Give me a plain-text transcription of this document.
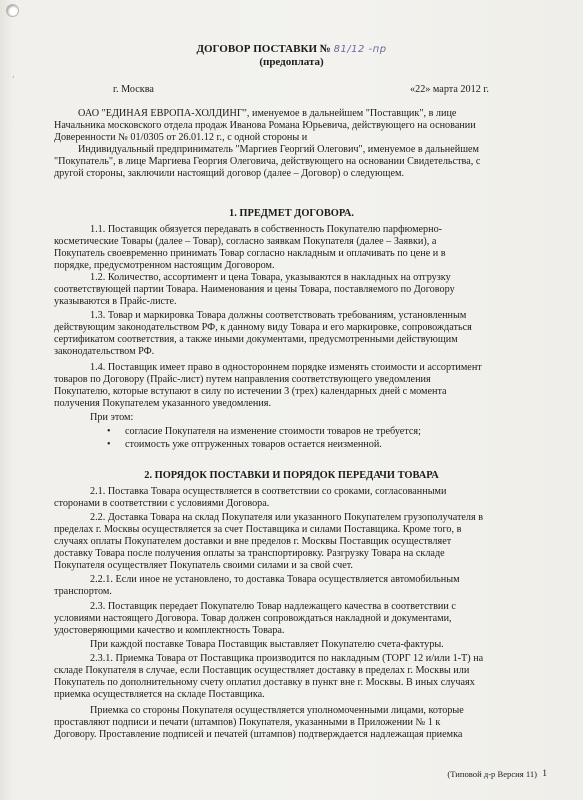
·
ДОГОВОР ПОСТАВКИ № 81/12 -пр
(предоплата)
г. Москва	«22» марта 2012 г.
ОАО "ЕДИНАЯ ЕВРОПА-ХОЛДИНГ", именуемое в дальнейшем "Поставщик", в лице
Начальника московского отдела продаж Иванова Романа Юрьевича, действующего на основании
Доверенности № 01/0305 от 26.01.12 г., с одной стороны и
Индивидуальный предприниматель "Маргиев Георгий Олегович", именуемое в дальнейшем
"Покупатель", в лице Маргиева Георгия Олеговича, действующего на основании Свидетельства, с
другой стороны, заключили настоящий договор (далее – Договор) о следующем.
1. ПРЕДМЕТ ДОГОВОРА.
1.1. Поставщик обязуется передавать в собственность Покупателю парфюмерно-
косметические Товары (далее – Товар), согласно заявкам Покупателя (далее – Заявки), а
Покупатель своевременно принимать Товар согласно накладным и оплачивать по цене и в
порядке, предусмотренном настоящим Договором.
1.2. Количество, ассортимент и цена Товара, указываются в накладных на отгрузку
соответствующей партии Товара. Наименования и цены Товара, поставляемого по Договору
указываются в Прайс-листе.
1.3. Товар и маркировка Товара должны соответствовать требованиям, установленным
действующим законодательством РФ, к данному виду Товара и его маркировке, сопровождаться
сертификатом соответствия, а также иными документами, предусмотренными действующим
законодательством РФ.
1.4. Поставщик имеет право в одностороннем порядке изменять стоимости и ассортимент
товаров по Договору (Прайс-лист) путем направления соответствующего уведомления
Покупателю, которые вступают в силу по истечении 3 (трех) календарных дней с момента
получения Покупателем указанного уведомления.
При этом:
• согласие Покупателя на изменение стоимости товаров не требуется;
• стоимость уже отгруженных товаров остается неизменной.
2. ПОРЯДОК ПОСТАВКИ И ПОРЯДОК ПЕРЕДАЧИ ТОВАРА
2.1. Поставка Товара осуществляется в соответствии со сроками, согласованными
сторонами в соответствии с условиями Договора.
2.2. Доставка Товара на склад Покупателя или указанного Покупателем грузополучателя в
пределах г. Москвы осуществляется за счет Поставщика и силами Поставщика. Кроме того, в
случаях оплаты Покупателем доставки и вне пределов г. Москвы Поставщик осуществляет
доставку Товара после получения оплаты за транспортировку. Разгрузку Товара на складе
Покупателя осуществляет Покупатель своими силами и за свой счет.
2.2.1. Если иное не установлено, то доставка Товара осуществляется автомобильным
транспортом.
2.3. Поставщик передает Покупателю Товар надлежащего качества в соответствии с
условиями настоящего Договора. Товар должен сопровождаться накладной и документами,
удостоверяющими качество и комплектность Товара.
При каждой поставке Товара Поставщик выставляет Покупателю счета-фактуры.
2.3.1. Приемка Товара от Поставщика производится по накладным (ТОРГ 12 и/или 1-Т) на
складе Покупателя в случае, если Поставщик осуществляет доставку в пределах г. Москвы или
Покупатель по дополнительному счету оплатил доставку в пункт вне г. Москвы. В иных случаях
приемка осуществляется на складе Поставщика.
Приемка со стороны Покупателя осуществляется уполномоченными лицами, которые
проставляют подписи и печати (штампов) Покупателя, указанными в Приложении № 1 к
Договору. Проставление подписей и печатей (штампов) подтверждается надлежащая приемка
(Типовой д-р Версия 11) 1
